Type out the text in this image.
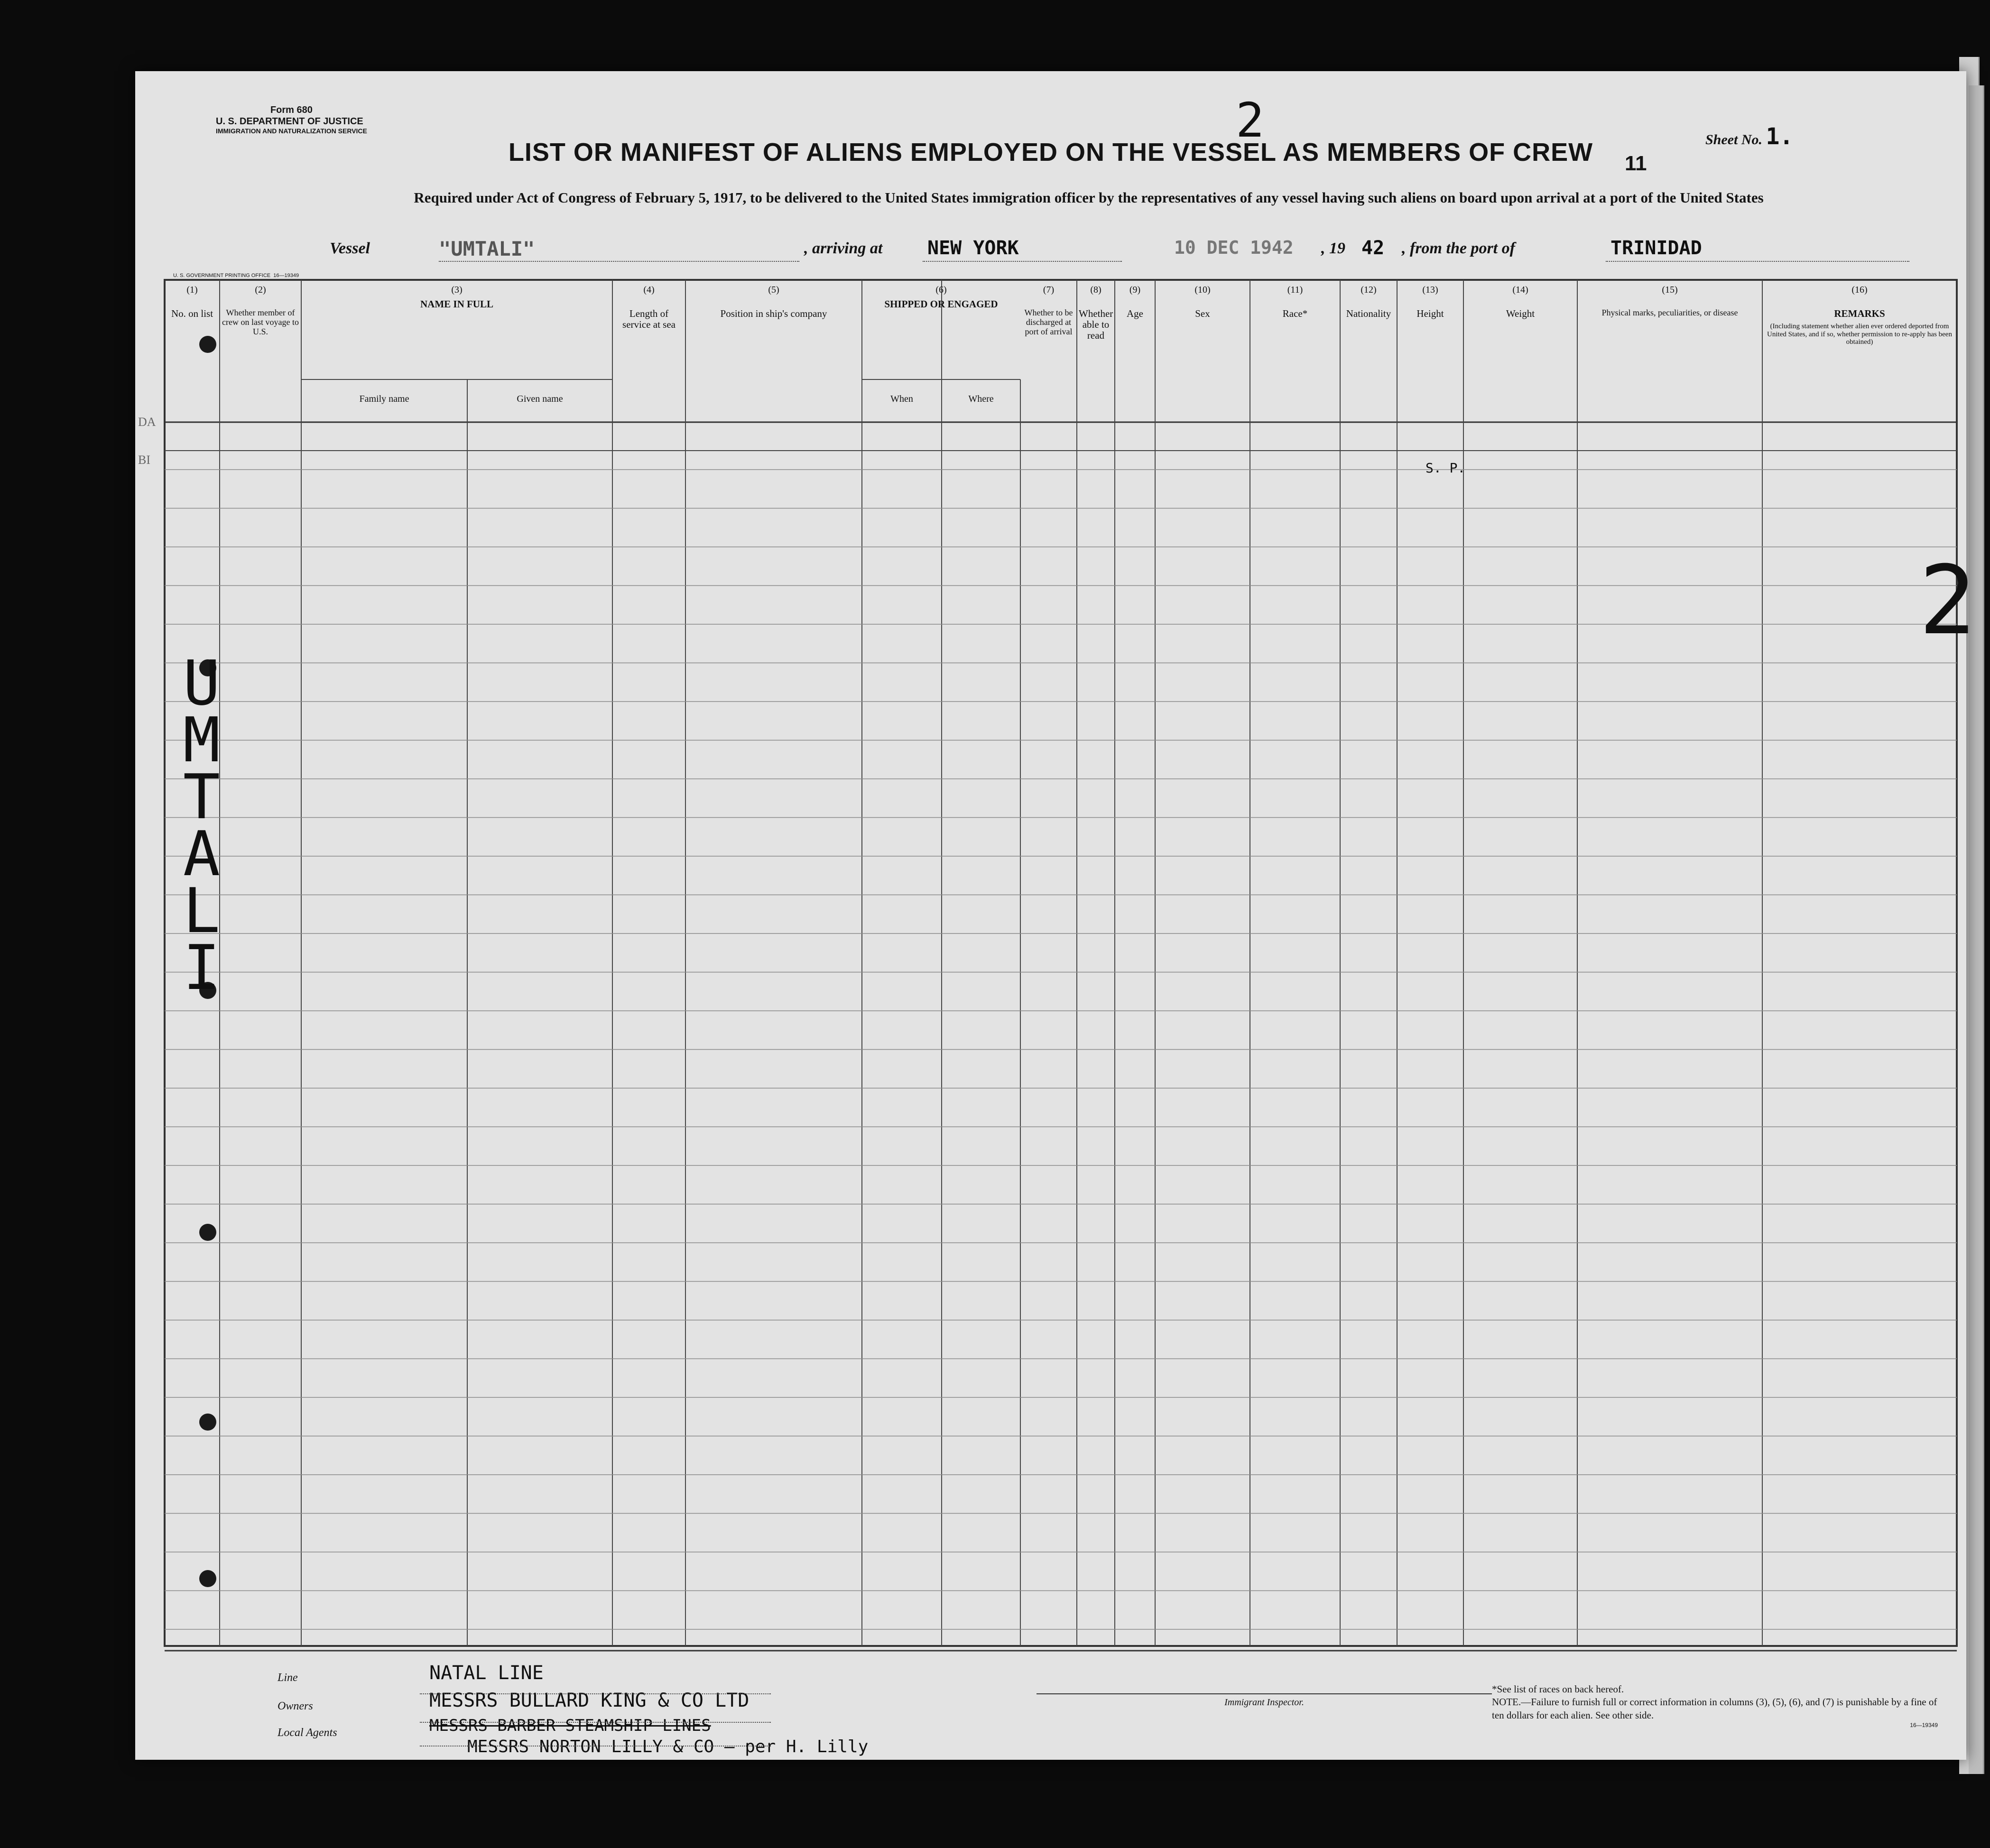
Form 680
U. S. DEPARTMENT OF JUSTICE
IMMIGRATION AND NATURALIZATION SERVICE
Sheet No. 1.
2
LIST OR MANIFEST OF ALIENS EMPLOYED ON THE VESSEL AS MEMBERS OF CREW	11
Required under Act of Congress of February 5, 1917, to be delivered to the United States immigration officer by the representatives of any vessel having such aliens on board upon arrival at a port of the United States
Vessel	"UMTALI"	, arriving at NEW YORK	10 DEC 1942 , 19 42 , from the port of	TRINIDAD
U. S. GOVERNMENT PRINTING OFFICE 16—19349
(1)
No. on list
(2)
Whether member of crew on last voyage to U.S.
(3)
NAME IN FULL
Family name	Given name
(4)
Length of service at sea
(5)
Position in ship's company
(6)
SHIPPED OR ENGAGED
When	Where
(7)
Whether to be discharged at port of arrival
(8)
Whether able to read
(9)
Age
(10)
Sex
(11)
Race*
(12)
Nationality
(13)
Height
(14)
Weight
(15)
Physical marks, peculiarities, or disease
(16)
REMARKS
(Including statement whether alien ever ordered deported from United States, and if so, whether permission to re-apply has been obtained)
S. P.
DA
BI
UMTALI
2
Line	NATAL LINE
Owners	MESSRS BULLARD KING & CO LTD
Local Agents	MESSRS BARBER STEAMSHIP LINES
MESSRS NORTON LILLY & CO — per H. Lilly
Immigrant Inspector.
*See list of races on back hereof.
NOTE.—Failure to furnish full or correct information in columns (3), (5), (6), and (7) is punishable by a fine of ten dollars for each alien. See other side.
16—19349
